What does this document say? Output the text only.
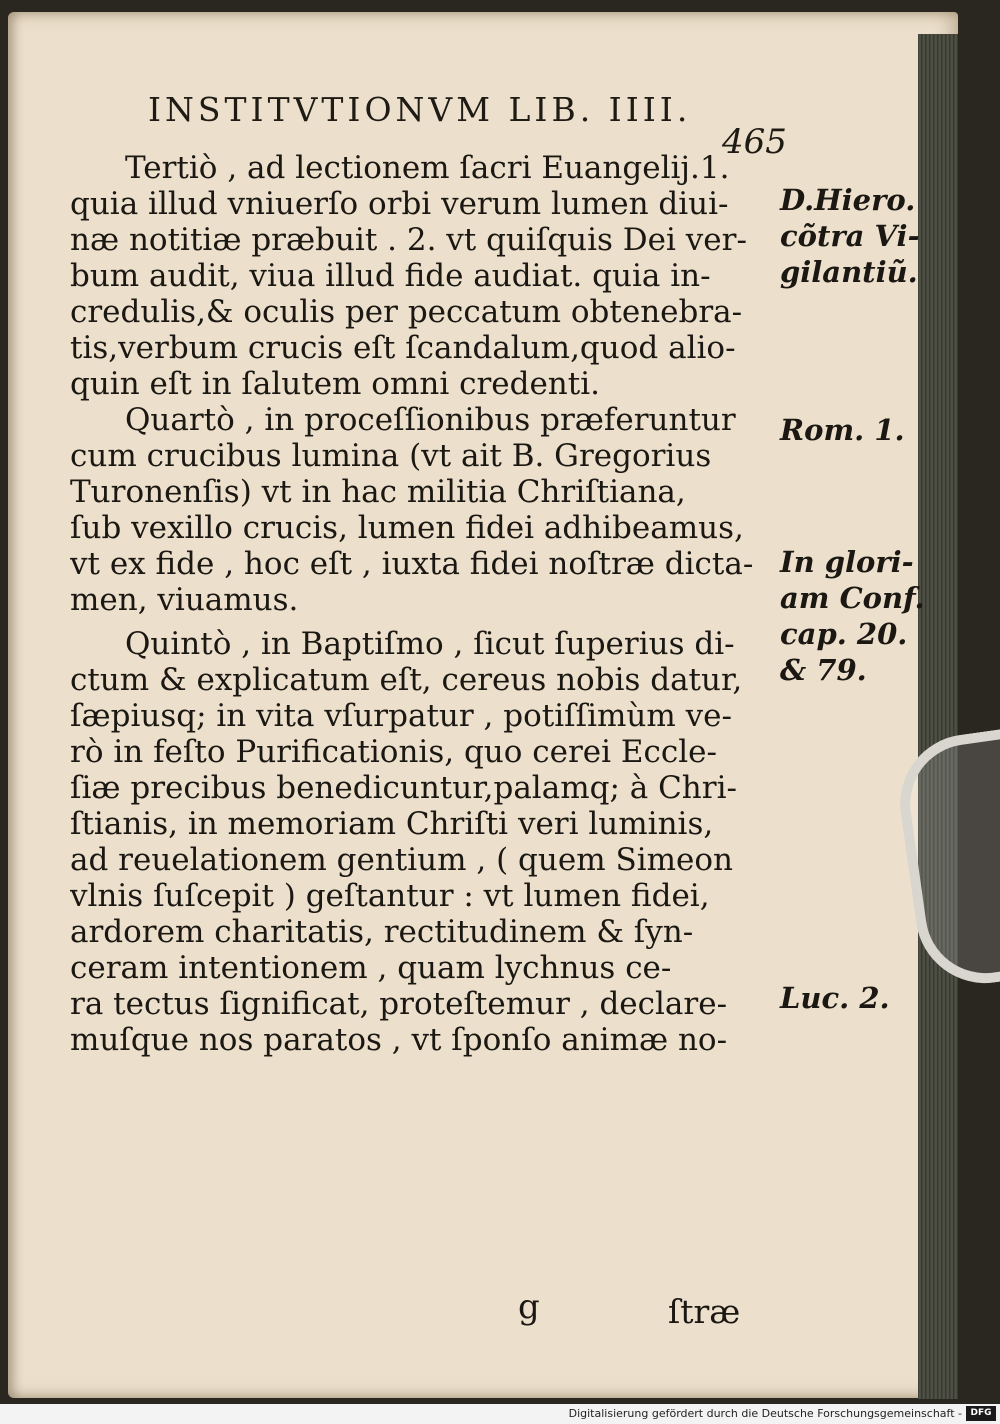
INSTITVTIONVM LIB. IIII.
465
Tertiò , ad lectionem ſacri Euangelij.1.
quia illud vniuerſo orbi verum lumen diui-
næ notitiæ præbuit . 2. vt quiſquis Dei ver-
bum audit, viua illud fide audiat. quia in-
credulis,& oculis per peccatum obtenebra-
tis,verbum crucis eſt ſcandalum,quod alio-
quin eſt in ſalutem omni credenti.
Quartò , in proceſſionibus præferuntur
cum crucibus lumina (vt ait B. Gregorius
Turonenſis) vt in hac militia Chriſtiana,
ſub vexillo crucis, lumen fidei adhibeamus,
vt ex fide , hoc eſt , iuxta fidei noſtræ dicta-
men, viuamus.
Quintò , in Baptiſmo , ſicut ſuperius di-
ctum & explicatum eſt, cereus nobis datur,
ſæpiusq; in vita vſurpatur , potiſſimùm ve-
rò in feſto Purificationis, quo cerei Eccle-
ſiæ precibus benedicuntur,palamq; à Chri-
ſtianis, in memoriam Chriſti veri luminis,
ad reuelationem gentium , ( quem Simeon
vlnis ſuſcepit ) geſtantur : vt lumen fidei,
ardorem charitatis, rectitudinem & ſyn-
ceram intentionem , quam lychnus ce-
ra tectus ſignificat, proteſtemur , declare-
muſque nos paratos , vt ſponſo animæ no-
D.Hiero.
cõtra Vi-
gilantiũ.
Rom. 1.
In glori-
am Conf.
cap. 20.
& 79.
Luc. 2.
g	ſtræ
Digitalisierung gefördert durch die Deutsche Forschungsgemeinschaft - DFG
